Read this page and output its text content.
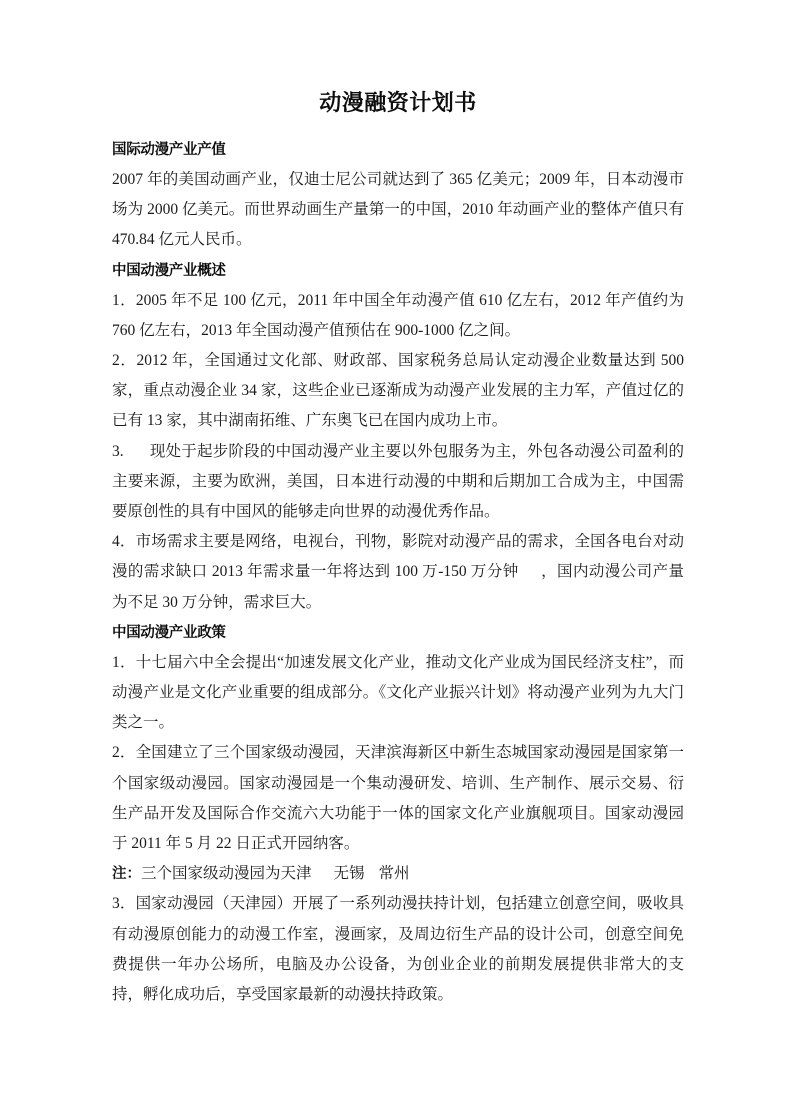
动漫融资计划书
国际动漫产业产值

2007 年的美国动画产业，仅迪士尼公司就达到了 365 亿美元；2009 年，日本动漫市场为 2000 亿美元。而世界动画生产量第一的中国，2010 年动画产业的整体产值只有 470.84 亿元人民币。

中国动漫产业概述

1．2005 年不足 100 亿元，2011 年中国全年动漫产值 610 亿左右，2012 年产值约为 760 亿左右，2013 年全国动漫产值预估在 900-1000 亿之间。

2．2012 年，全国通过文化部、财政部、国家税务总局认定动漫企业数量达到 500 家，重点动漫企业 34 家，这些企业已逐渐成为动漫产业发展的主力军，产值过亿的已有 13 家，其中湖南拓维、广东奥飞已在国内成功上市。

3. 现处于起步阶段的中国动漫产业主要以外包服务为主，外包各动漫公司盈利的主要来源，主要为欧洲，美国，日本进行动漫的中期和后期加工合成为主，中国需要原创性的具有中国风的能够走向世界的动漫优秀作品。

4．市场需求主要是网络，电视台，刊物，影院对动漫产品的需求，全国各电台对动漫的需求缺口 2013 年需求量一年将达到 100 万-150 万分钟 ，国内动漫公司产量为不足 30 万分钟，需求巨大。

中国动漫产业政策

1．十七届六中全会提出“加速发展文化产业，推动文化产业成为国民经济支柱”，而动漫产业是文化产业重要的组成部分。《文化产业振兴计划》将动漫产业列为九大门类之一。

2．全国建立了三个国家级动漫园，天津滨海新区中新生态城国家动漫园是国家第一个国家级动漫园。国家动漫园是一个集动漫研发、培训、生产制作、展示交易、衍生产品开发及国际合作交流六大功能于一体的国家文化产业旗舰项目。国家动漫园于 2011 年 5 月 22 日正式开园纳客。

注：三个国家级动漫园为天津 无锡 常州

3．国家动漫园（天津园）开展了一系列动漫扶持计划，包括建立创意空间，吸收具有动漫原创能力的动漫工作室，漫画家，及周边衍生产品的设计公司，创意空间免费提供一年办公场所，电脑及办公设备，为创业企业的前期发展提供非常大的支持，孵化成功后，享受国家最新的动漫扶持政策。
